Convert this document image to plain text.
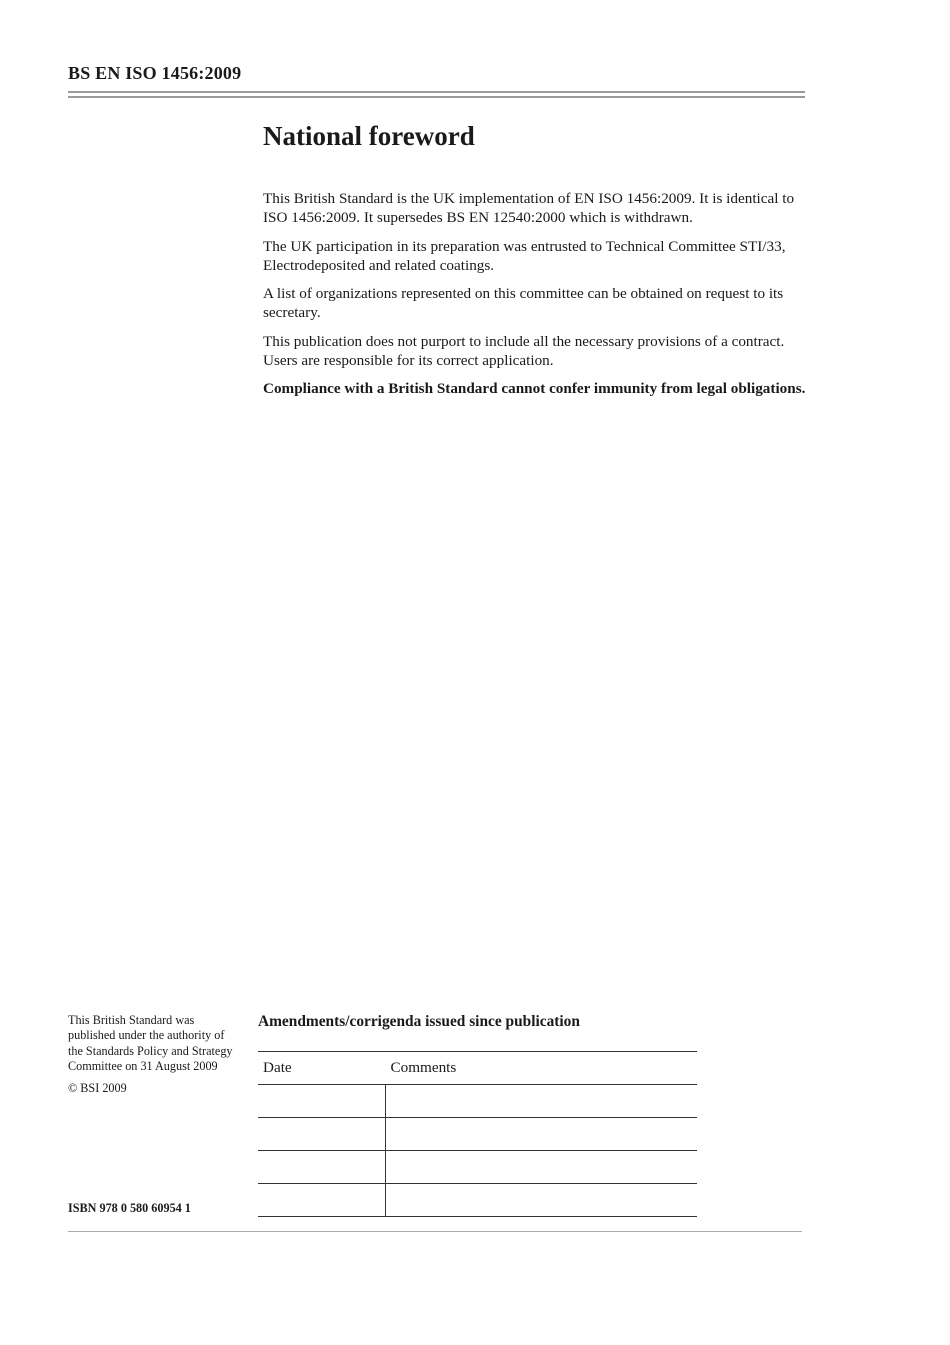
BS EN ISO 1456:2009
National foreword

This British Standard is the UK implementation of EN ISO 1456:2009. It is identical to ISO 1456:2009. It supersedes BS EN 12540:2000 which is withdrawn.

The UK participation in its preparation was entrusted to Technical Committee STI/33, Electrodeposited and related coatings.

A list of organizations represented on this committee can be obtained on request to its secretary.

This publication does not purport to include all the necessary provisions of a contract. Users are responsible for its correct application.

Compliance with a British Standard cannot confer immunity from legal obligations.

This British Standard was published under the authority of the Standards Policy and Strategy Committee on 31 August 2009

© BSI 2009

ISBN 978 0 580 60954 1
Amendments/corrigenda issued since publication
Date	Comments
